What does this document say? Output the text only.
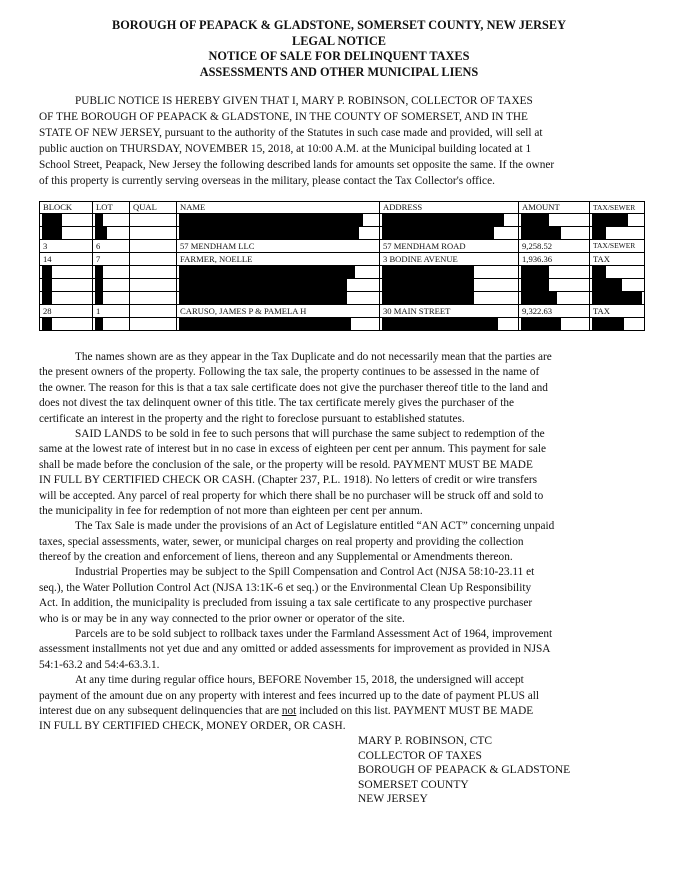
BOROUGH OF PEAPACK & GLADSTONE, SOMERSET COUNTY, NEW JERSEY
LEGAL NOTICE
NOTICE OF SALE FOR DELINQUENT TAXES
ASSESSMENTS AND OTHER MUNICIPAL LIENS
PUBLIC NOTICE IS HEREBY GIVEN THAT I, MARY P. ROBINSON, COLLECTOR OF TAXES
OF THE BOROUGH OF PEAPACK & GLADSTONE, IN THE COUNTY OF SOMERSET, AND IN THE
STATE OF NEW JERSEY, pursuant to the authority of the Statutes in such case made and provided, will sell at
public auction on THURSDAY, NOVEMBER 15, 2018, at 10:00 A.M. at the Municipal building located at 1
School Street, Peapack, New Jersey the following described lands for amounts set opposite the same. If the owner
of this property is currently serving overseas in the military, please contact the Tax Collector's office.
BLOCK	LOT	QUAL	NAME	ADDRESS	AMOUNT	TAX/SEWER

3	6		57 MENDHAM LLC	57 MENDHAM ROAD	9,258.52	TAX/SEWER
14	7		FARMER, NOELLE	3 BODINE AVENUE	1,936.36	TAX

28	1		CARUSO, JAMES P & PAMELA H	30 MAIN STREET	9,322.63	TAX

The names shown are as they appear in the Tax Duplicate and do not necessarily mean that the parties are
the present owners of the property. Following the tax sale, the property continues to be assessed in the name of
the owner. The reason for this is that a tax sale certificate does not give the purchaser thereof title to the land and
does not divest the tax delinquent owner of this title. The tax certificate merely gives the purchaser of the
certificate an interest in the property and the right to foreclose pursuant to established statutes.
SAID LANDS to be sold in fee to such persons that will purchase the same subject to redemption of the
same at the lowest rate of interest but in no case in excess of eighteen per cent per annum. This payment for sale
shall be made before the conclusion of the sale, or the property will be resold. PAYMENT MUST BE MADE
IN FULL BY CERTIFIED CHECK OR CASH. (Chapter 237, P.L. 1918). No letters of credit or wire transfers
will be accepted. Any parcel of real property for which there shall be no purchaser will be struck off and sold to
the municipality in fee for redemption of not more than eighteen per cent per annum.
The Tax Sale is made under the provisions of an Act of Legislature entitled “AN ACT” concerning unpaid
taxes, special assessments, water, sewer, or municipal charges on real property and providing the collection
thereof by the creation and enforcement of liens, thereon and any Supplemental or Amendments thereon.
Industrial Properties may be subject to the Spill Compensation and Control Act (NJSA 58:10-23.11 et
seq.), the Water Pollution Control Act (NJSA 13:1K-6 et seq.) or the Environmental Clean Up Responsibility
Act. In addition, the municipality is precluded from issuing a tax sale certificate to any prospective purchaser
who is or may be in any way connected to the prior owner or operator of the site.
Parcels are to be sold subject to rollback taxes under the Farmland Assessment Act of 1964, improvement
assessment installments not yet due and any omitted or added assessments for improvement as provided in NJSA
54:1-63.2 and 54:4-63.3.1.
At any time during regular office hours, BEFORE November 15, 2018, the undersigned will accept
payment of the amount due on any property with interest and fees incurred up to the date of payment PLUS all
interest due on any subsequent delinquencies that are not included on this list. PAYMENT MUST BE MADE
IN FULL BY CERTIFIED CHECK, MONEY ORDER, OR CASH.
MARY P. ROBINSON, CTC
COLLECTOR OF TAXES
BOROUGH OF PEAPACK & GLADSTONE
SOMERSET COUNTY
NEW JERSEY
